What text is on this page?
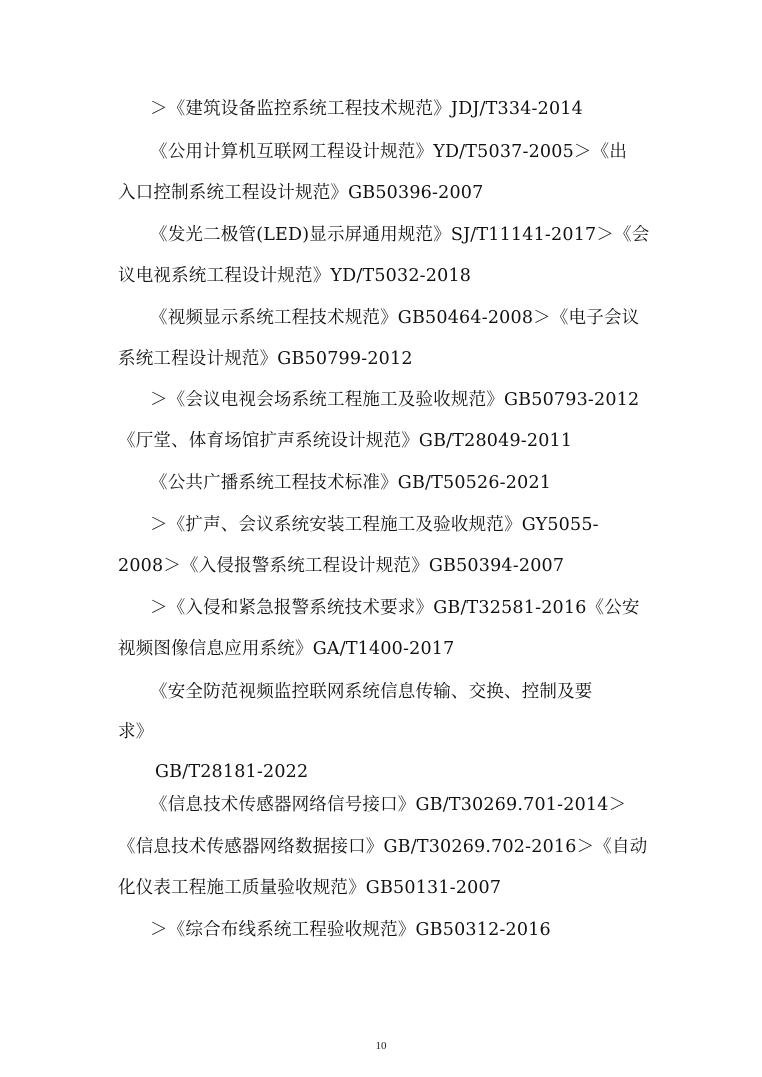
＞《建筑设备监控系统工程技术规范》JDJ/T334-2014
《公用计算机互联网工程设计规范》YD/T5037-2005＞《出
入口控制系统工程设计规范》GB50396-2007
《发光二极管(LED)显示屏通用规范》SJ/T11141-2017＞《会
议电视系统工程设计规范》YD/T5032-2018
《视频显示系统工程技术规范》GB50464-2008＞《电子会议
系统工程设计规范》GB50799-2012
＞《会议电视会场系统工程施工及验收规范》GB50793-2012
《厅堂、体育场馆扩声系统设计规范》GB/T28049-2011
《公共广播系统工程技术标准》GB/T50526-2021
＞《扩声、会议系统安装工程施工及验收规范》GY5055-
2008＞《入侵报警系统工程设计规范》GB50394-2007
＞《入侵和紧急报警系统技术要求》GB/T32581-2016《公安
视频图像信息应用系统》GA/T1400-2017
《安全防范视频监控联网系统信息传输、交换、控制及要
求》
GB/T28181-2022
《信息技术传感器网络信号接口》GB/T30269.701-2014＞
《信息技术传感器网络数据接口》GB/T30269.702-2016＞《自动
化仪表工程施工质量验收规范》GB50131-2007
＞《综合布线系统工程验收规范》GB50312-2016
10
